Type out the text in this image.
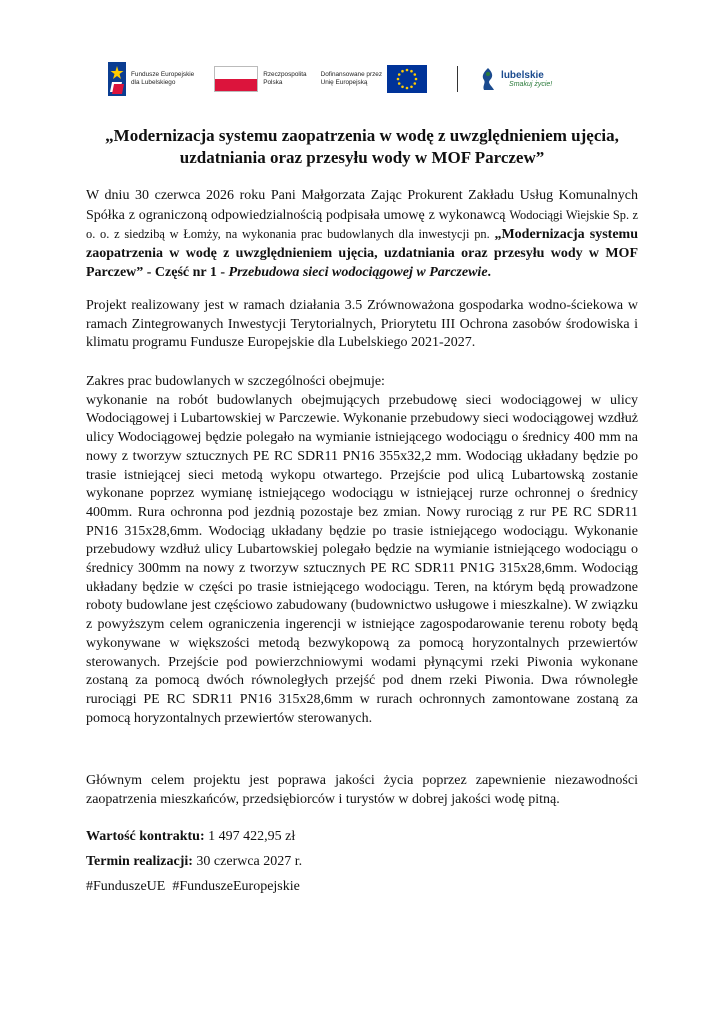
Fundusze Europejskie
dla Lubelskiego
Rzeczpospolita
Polska
Dofinansowane przez
Unię Europejską
lubelskie
Smakuj życie!
„Modernizacja systemu zaopatrzenia w wodę z uwzględnieniem ujęcia, uzdatniania oraz przesyłu wody w MOF Parczew”
W dniu 30 czerwca 2026 roku Pani Małgorzata Zając Prokurent Zakładu Usług Komunalnych Spółka z ograniczoną odpowiedzialnością podpisała umowę z wykonawcą Wodociągi Wiejskie Sp. z o. o. z siedzibą w Łomży, na wykonania prac budowlanych dla inwestycji pn. „Modernizacja systemu zaopatrzenia w wodę z uwzględnieniem ujęcia, uzdatniania oraz przesyłu wody w MOF Parczew” - Część nr 1 - Przebudowa sieci wodociągowej w Parczewie.
Projekt realizowany jest w ramach działania 3.5 Zrównoważona gospodarka wodno-ściekowa w ramach Zintegrowanych Inwestycji Terytorialnych, Priorytetu III Ochrona zasobów środowiska i klimatu programu Fundusze Europejskie dla Lubelskiego 2021-2027.
Zakres prac budowlanych w szczególności obejmuje:
wykonanie na robót budowlanych obejmujących przebudowę sieci wodociągowej w ulicy Wodociągowej i Lubartowskiej w Parczewie. Wykonanie przebudowy sieci wodociągowej wzdłuż ulicy Wodociągowej będzie polegało na wymianie istniejącego wodociągu o średnicy 400 mm na nowy z tworzyw sztucznych PE RC SDR11 PN16 355x32,2 mm. Wodociąg układany będzie po trasie istniejącej sieci metodą wykopu otwartego. Przejście pod ulicą Lubartowską zostanie wykonane poprzez wymianę istniejącego wodociągu w istniejącej rurze ochronnej o średnicy 400mm. Rura ochronna pod jezdnią pozostaje bez zmian. Nowy rurociąg z rur PE RC SDR11 PN16 315x28,6mm. Wodociąg układany będzie po trasie istniejącego wodociągu. Wykonanie przebudowy wzdłuż ulicy Lubartowskiej polegało będzie na wymianie istniejącego wodociągu o średnicy 300mm na nowy z tworzyw sztucznych PE RC SDR11 PN1G 315x28,6mm. Wodociąg układany będzie w części po trasie istniejącego wodociągu. Teren, na którym będą prowadzone roboty budowlane jest częściowo zabudowany (budownictwo usługowe i mieszkalne). W związku z powyższym celem ograniczenia ingerencji w istniejące zagospodarowanie terenu roboty będą wykonywane w większości metodą bezwykopową za pomocą horyzontalnych przewiertów sterowanych. Przejście pod powierzchniowymi wodami płynącymi rzeki Piwonia wykonane zostaną za pomocą dwóch równoległych przejść pod dnem rzeki Piwonia. Dwa równoległe rurociągi PE RC SDR11 PN16 315x28,6mm w rurach ochronnych zamontowane zostaną za pomocą horyzontalnych przewiertów sterowanych.
Głównym celem projektu jest poprawa jakości życia poprzez zapewnienie niezawodności zaopatrzenia mieszkańców, przedsiębiorców i turystów w dobrej jakości wodę pitną.
Wartość kontraktu: 1 497 422,95 zł
Termin realizacji: 30 czerwca 2027 r.
#FunduszeUE  #FunduszeEuropejskie
